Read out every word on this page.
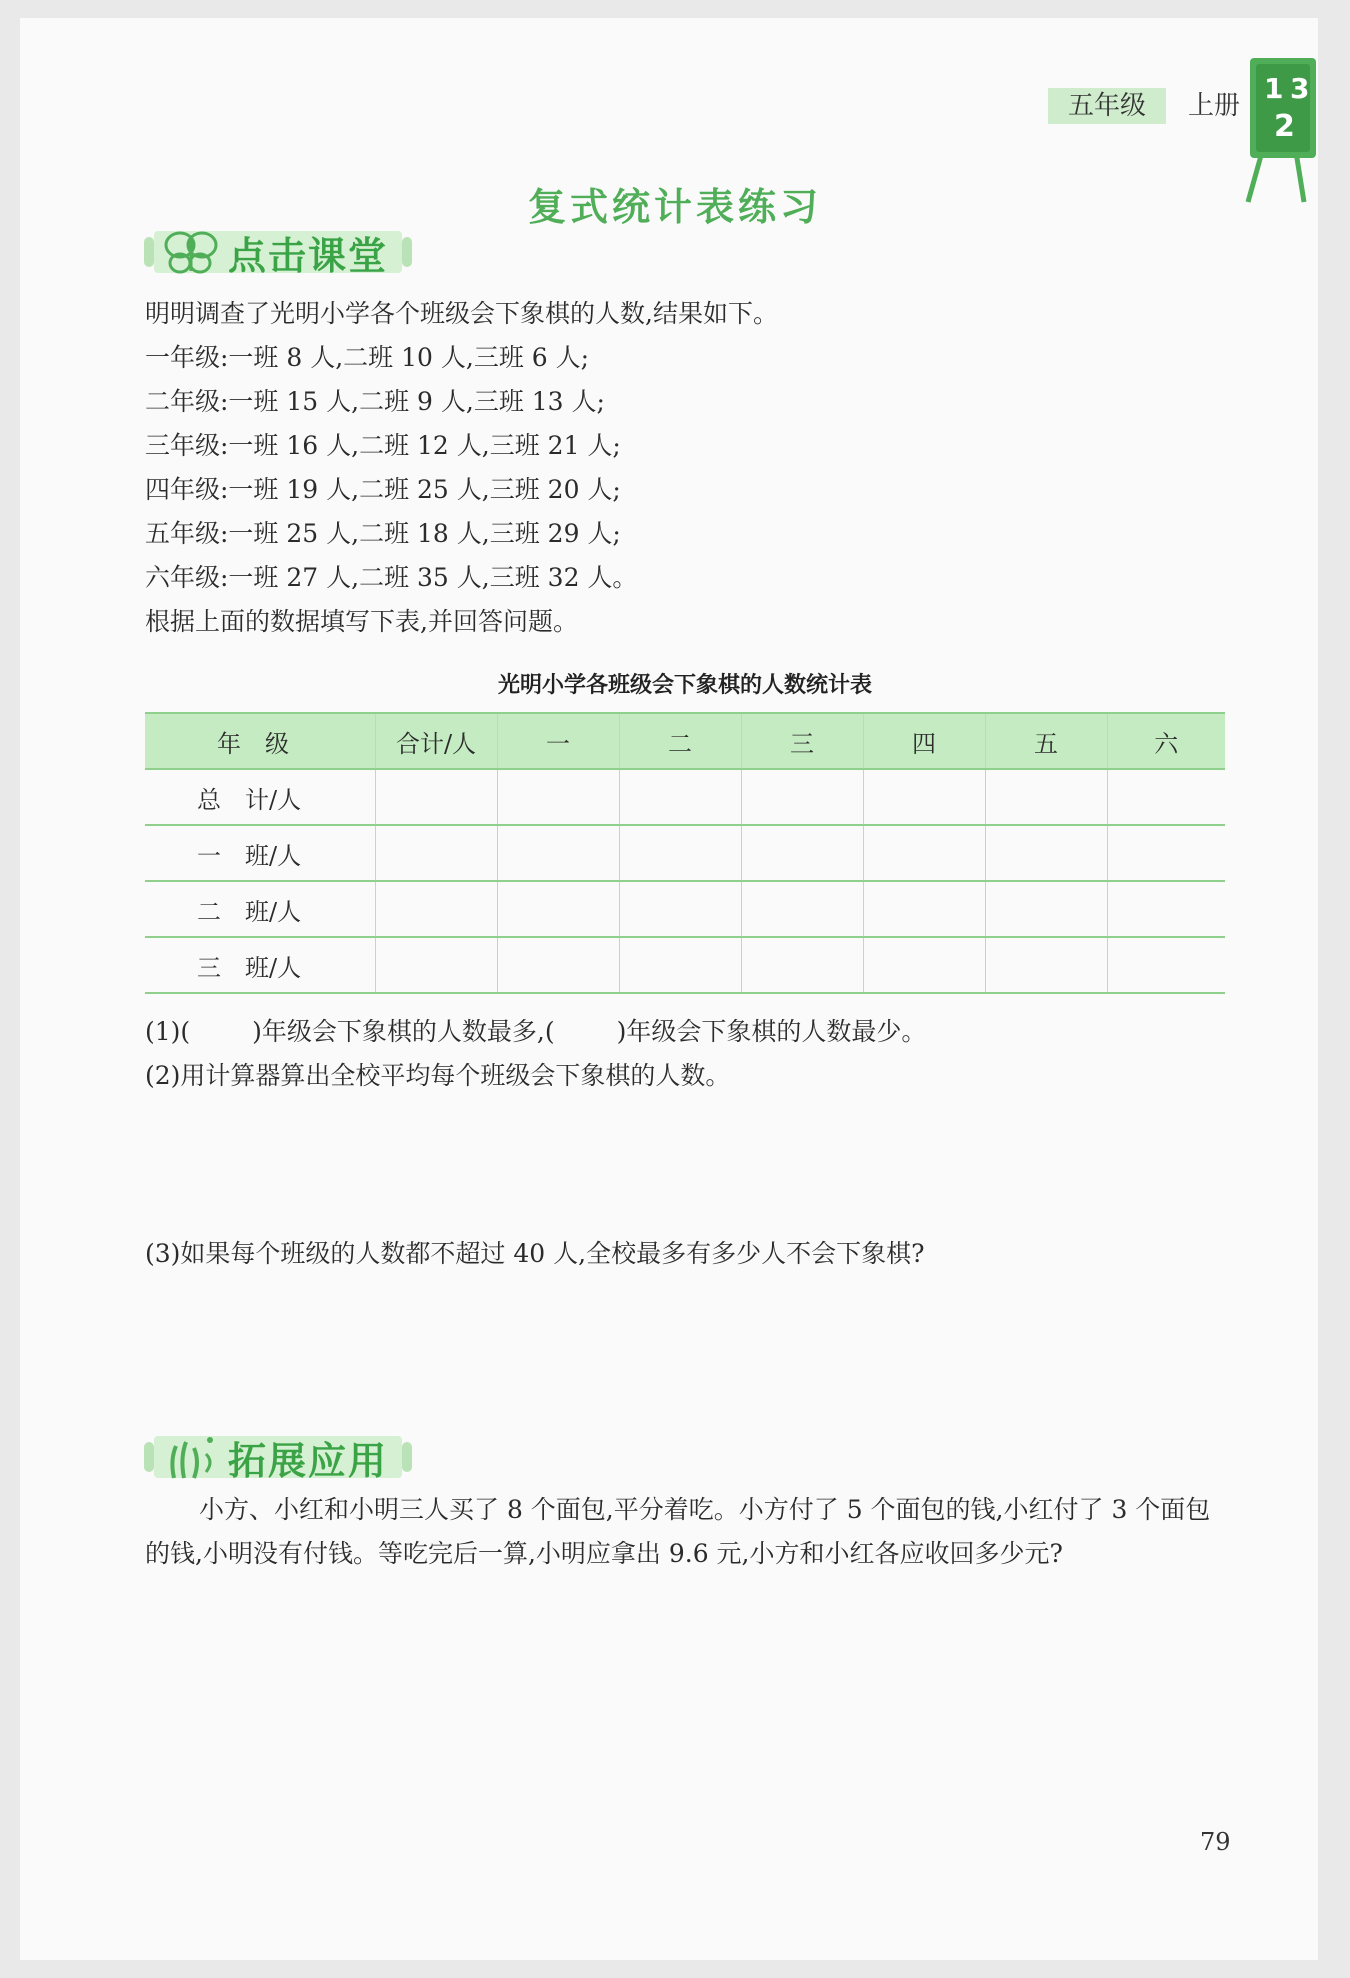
五年级	上册
1 3
2
复式统计表练习
点击课堂

明明调查了光明小学各个班级会下象棋的人数,结果如下。

一年级:一班 8 人,二班 10 人,三班 6 人;
二年级:一班 15 人,二班 9 人,三班 13 人;
三年级:一班 16 人,二班 12 人,三班 21 人;
四年级:一班 19 人,二班 25 人,三班 20 人;
五年级:一班 25 人,二班 18 人,三班 29 人;
六年级:一班 27 人,二班 35 人,三班 32 人。

根据上面的数据填写下表,并回答问题。

光明小学各班级会下象棋的人数统计表
年　级	合计/人	一	二	三	四	五	六
总　计/人							
一　班/人							
二　班/人							
三　班/人							
(1)( )年级会下象棋的人数最多,( )年级会下象棋的人数最少。
(2)用计算器算出全校平均每个班级会下象棋的人数。
(3)如果每个班级的人数都不超过 40 人,全校最多有多少人不会下象棋?
拓展应用

小方、小红和小明三人买了 8 个面包,平分着吃。小方付了 5 个面包的钱,小红付了 3 个面包的钱,小明没有付钱。等吃完后一算,小明应拿出 9.6 元,小方和小红各应收回多少元?

79
